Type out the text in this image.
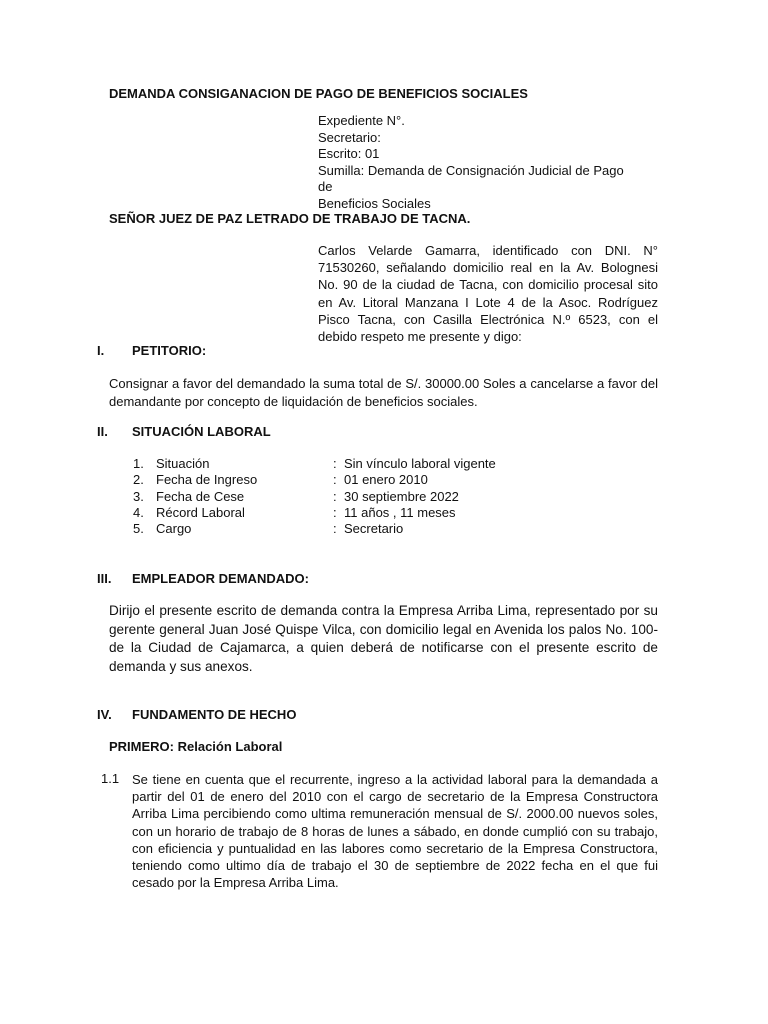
DEMANDA CONSIGANACION DE PAGO DE BENEFICIOS SOCIALES
Expediente N°.
Secretario:
Escrito: 01
Sumilla: Demanda de Consignación Judicial de Pago de
Beneficios Sociales
SEÑOR JUEZ DE PAZ LETRADO DE TRABAJO DE TACNA.
Carlos Velarde Gamarra, identificado con DNI. N° 71530260, señalando domicilio real en la Av. Bolognesi No. 90 de la ciudad de Tacna, con domicilio procesal sito en Av. Litoral Manzana I Lote 4 de la Asoc. Rodríguez Pisco Tacna, con Casilla Electrónica N.º 6523, con el debido respeto me presente y digo:
I.	PETITORIO:
Consignar a favor del demandado la suma total de S/. 30000.00 Soles a cancelarse a favor del demandante por concepto de liquidación de beneficios sociales.
II.	SITUACIÓN LABORAL
1. Situación	: Sin vínculo laboral vigente
2. Fecha de Ingreso	: 01 enero 2010
3. Fecha de Cese	: 30 septiembre 2022
4. Récord Laboral	: 11 años , 11 meses
5. Cargo	: Secretario
III.	EMPLEADOR DEMANDADO:
Dirijo el presente escrito de demanda contra la Empresa Arriba Lima, representado por su gerente general Juan José Quispe Vilca, con domicilio legal en Avenida los palos No. 100- de la Ciudad de Cajamarca, a quien deberá de notificarse con el presente escrito de demanda y sus anexos.
IV.	FUNDAMENTO DE HECHO
PRIMERO: Relación Laboral
1.1 Se tiene en cuenta que el recurrente, ingreso a la actividad laboral para la demandada a partir del 01 de enero del 2010 con el cargo de secretario de la Empresa Constructora Arriba Lima percibiendo como ultima remuneración mensual de S/. 2000.00 nuevos soles, con un horario de trabajo de 8 horas de lunes a sábado, en donde cumplió con su trabajo, con eficiencia y puntualidad en las labores como secretario de la Empresa Constructora, teniendo como ultimo día de trabajo el 30 de septiembre de 2022 fecha en el que fui cesado por la Empresa Arriba Lima.
